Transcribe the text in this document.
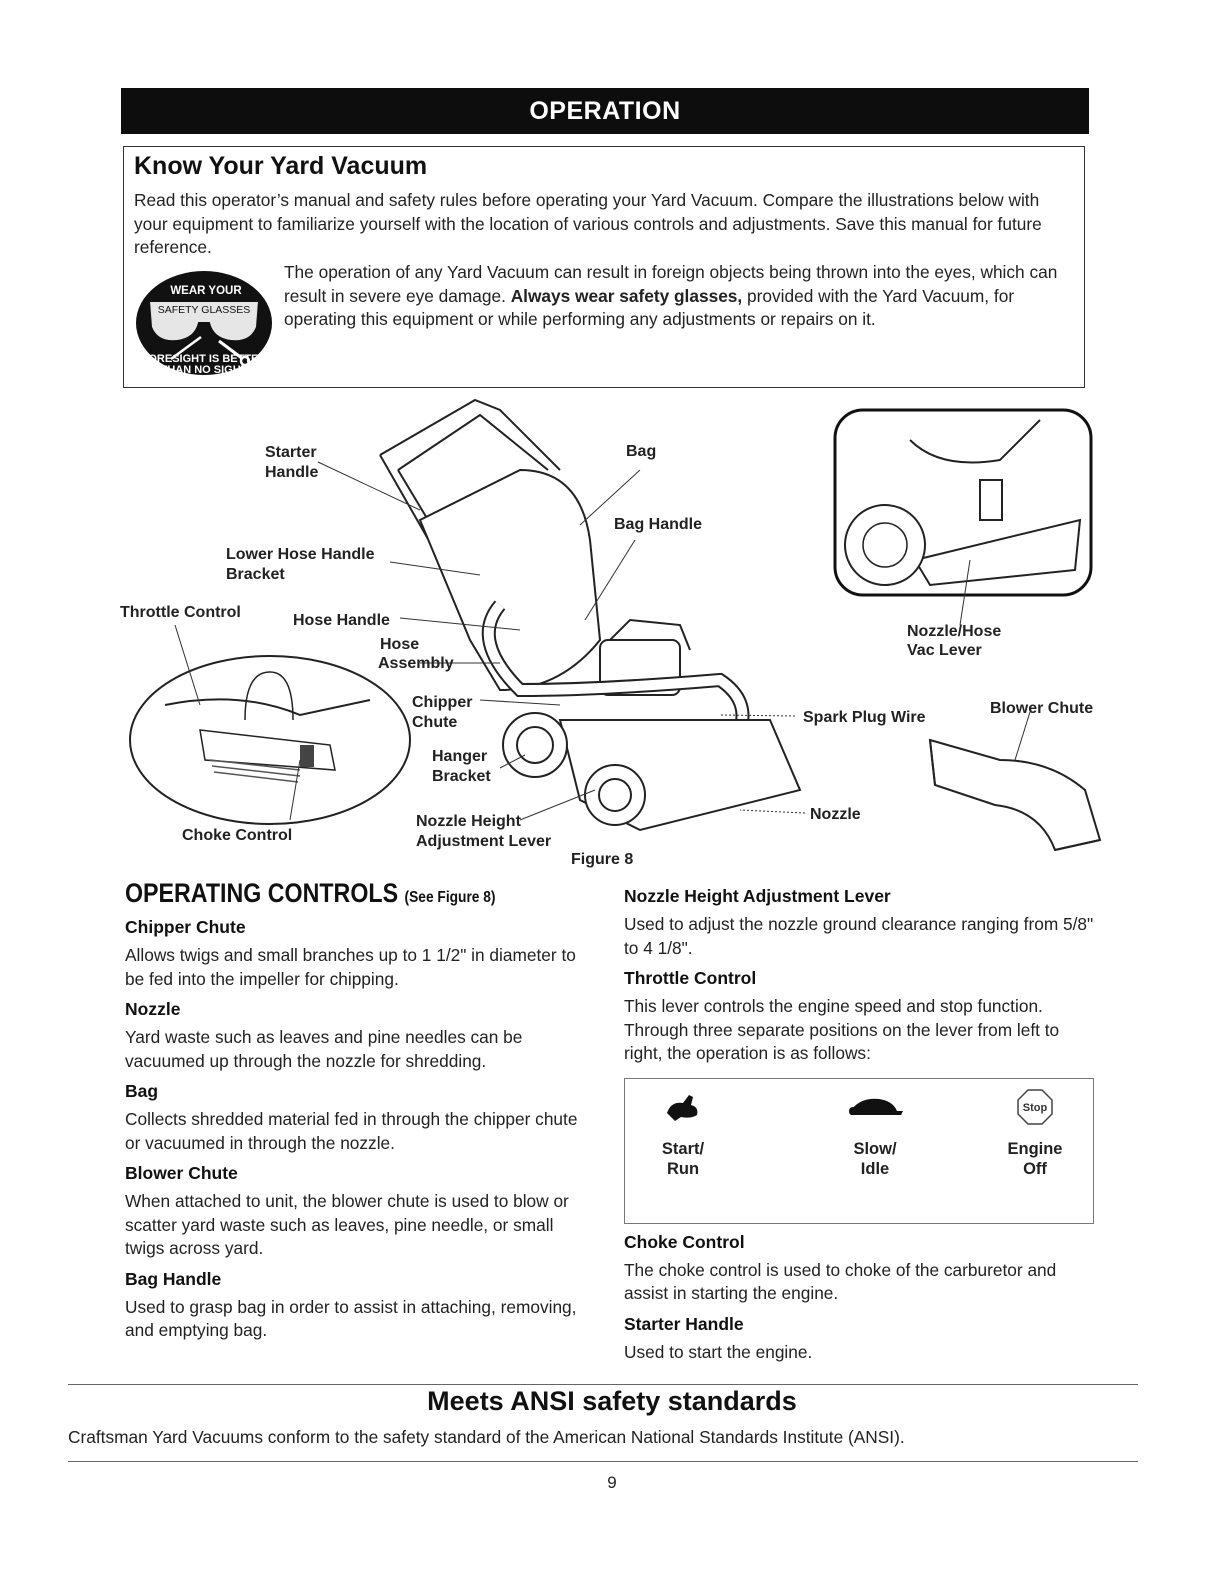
OPERATION
Know Your Yard Vacuum

Read this operator’s manual and safety rules before operating your Yard Vacuum. Compare the illustrations below with your equipment to familiarize yourself with the location of various controls and adjustments. Save this manual for future reference.

WEAR YOUR
SAFETY GLASSES
FORESIGHT IS BETTER
THAN NO SIGHT

The operation of any Yard Vacuum can result in foreign objects being thrown into the eyes, which can result in severe eye damage. Always wear safety glasses, provided with the Yard Vacuum, for operating this equipment or while performing any adjustments or repairs on it.

Starter
Handle
Bag
Bag Handle
Lower Hose Handle
Bracket
Throttle Control	Hose Handle
Hose
Assembly
Chipper
Chute
Hanger
Bracket
Nozzle Height
Adjustment Lever
Choke Control
Spark Plug Wire
Nozzle
Nozzle/Hose
Vac Lever
Blower Chute
Figure 8
OPERATING CONTROLS (See Figure 8)
Chipper Chute

Allows twigs and small branches up to 1 1/2" in diameter to be fed into the impeller for chipping.

Nozzle

Yard waste such as leaves and pine needles can be vacuumed up through the nozzle for shredding.

Bag

Collects shredded material fed in through the chipper chute or vacuumed in through the nozzle.

Blower Chute

When attached to unit, the blower chute is used to blow or scatter yard waste such as leaves, pine needle, or small twigs across yard.

Bag Handle

Used to grasp bag in order to assist in attaching, removing, and emptying bag.

Nozzle Height Adjustment Lever

Used to adjust the nozzle ground clearance ranging from 5/8" to 4 1/8".

Throttle Control

This lever controls the engine speed and stop function. Through three separate positions on the lever from left to right, the operation is as follows:

Start/
Run
Slow/
Idle
Stop
Engine
Off
Choke Control

The choke control is used to choke of the carburetor and assist in starting the engine.

Starter Handle

Used to start the engine.

Meets ANSI safety standards
Craftsman Yard Vacuums conform to the safety standard of the American National Standards Institute (ANSI).
9
